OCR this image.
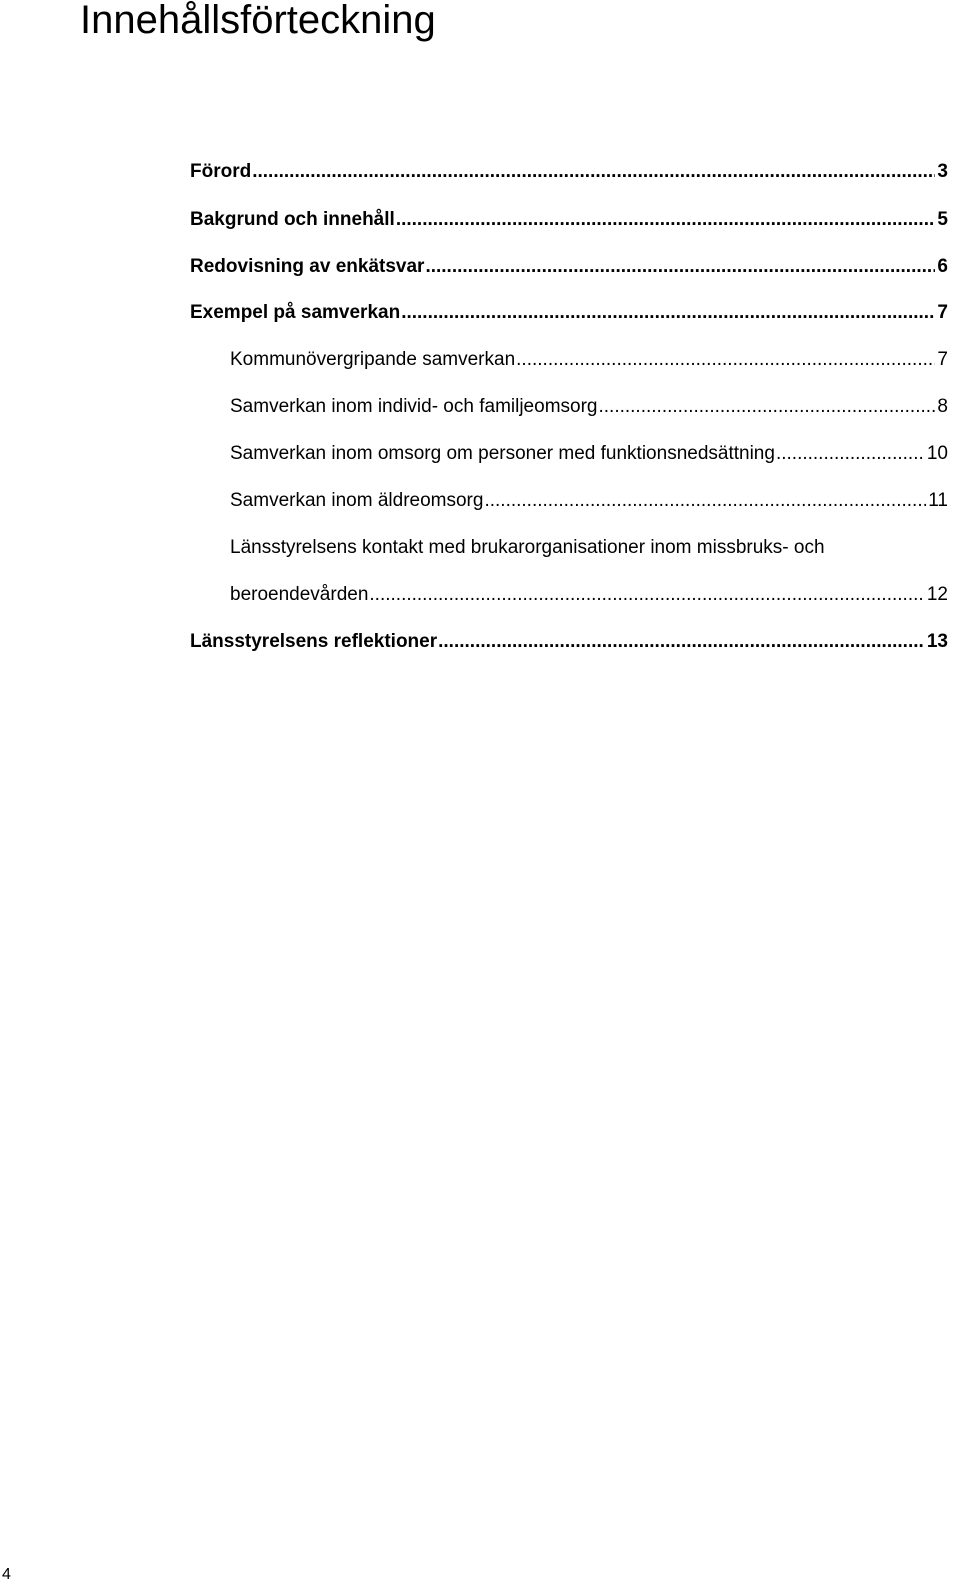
Innehållsförteckning
Förord .....	3
Bakgrund och innehåll .....	5
Redovisning av enkätsvar .....	6
Exempel på samverkan .....	7
Kommunövergripande samverkan .....	7
Samverkan inom individ- och familjeomsorg .....	8
Samverkan inom omsorg om personer med funktionsnedsättning .....	10
Samverkan inom äldreomsorg .....	11
Länsstyrelsens kontakt med brukarorganisationer inom missbruks- och
beroendevården .....	12
Länsstyrelsens reflektioner .....	13
4
